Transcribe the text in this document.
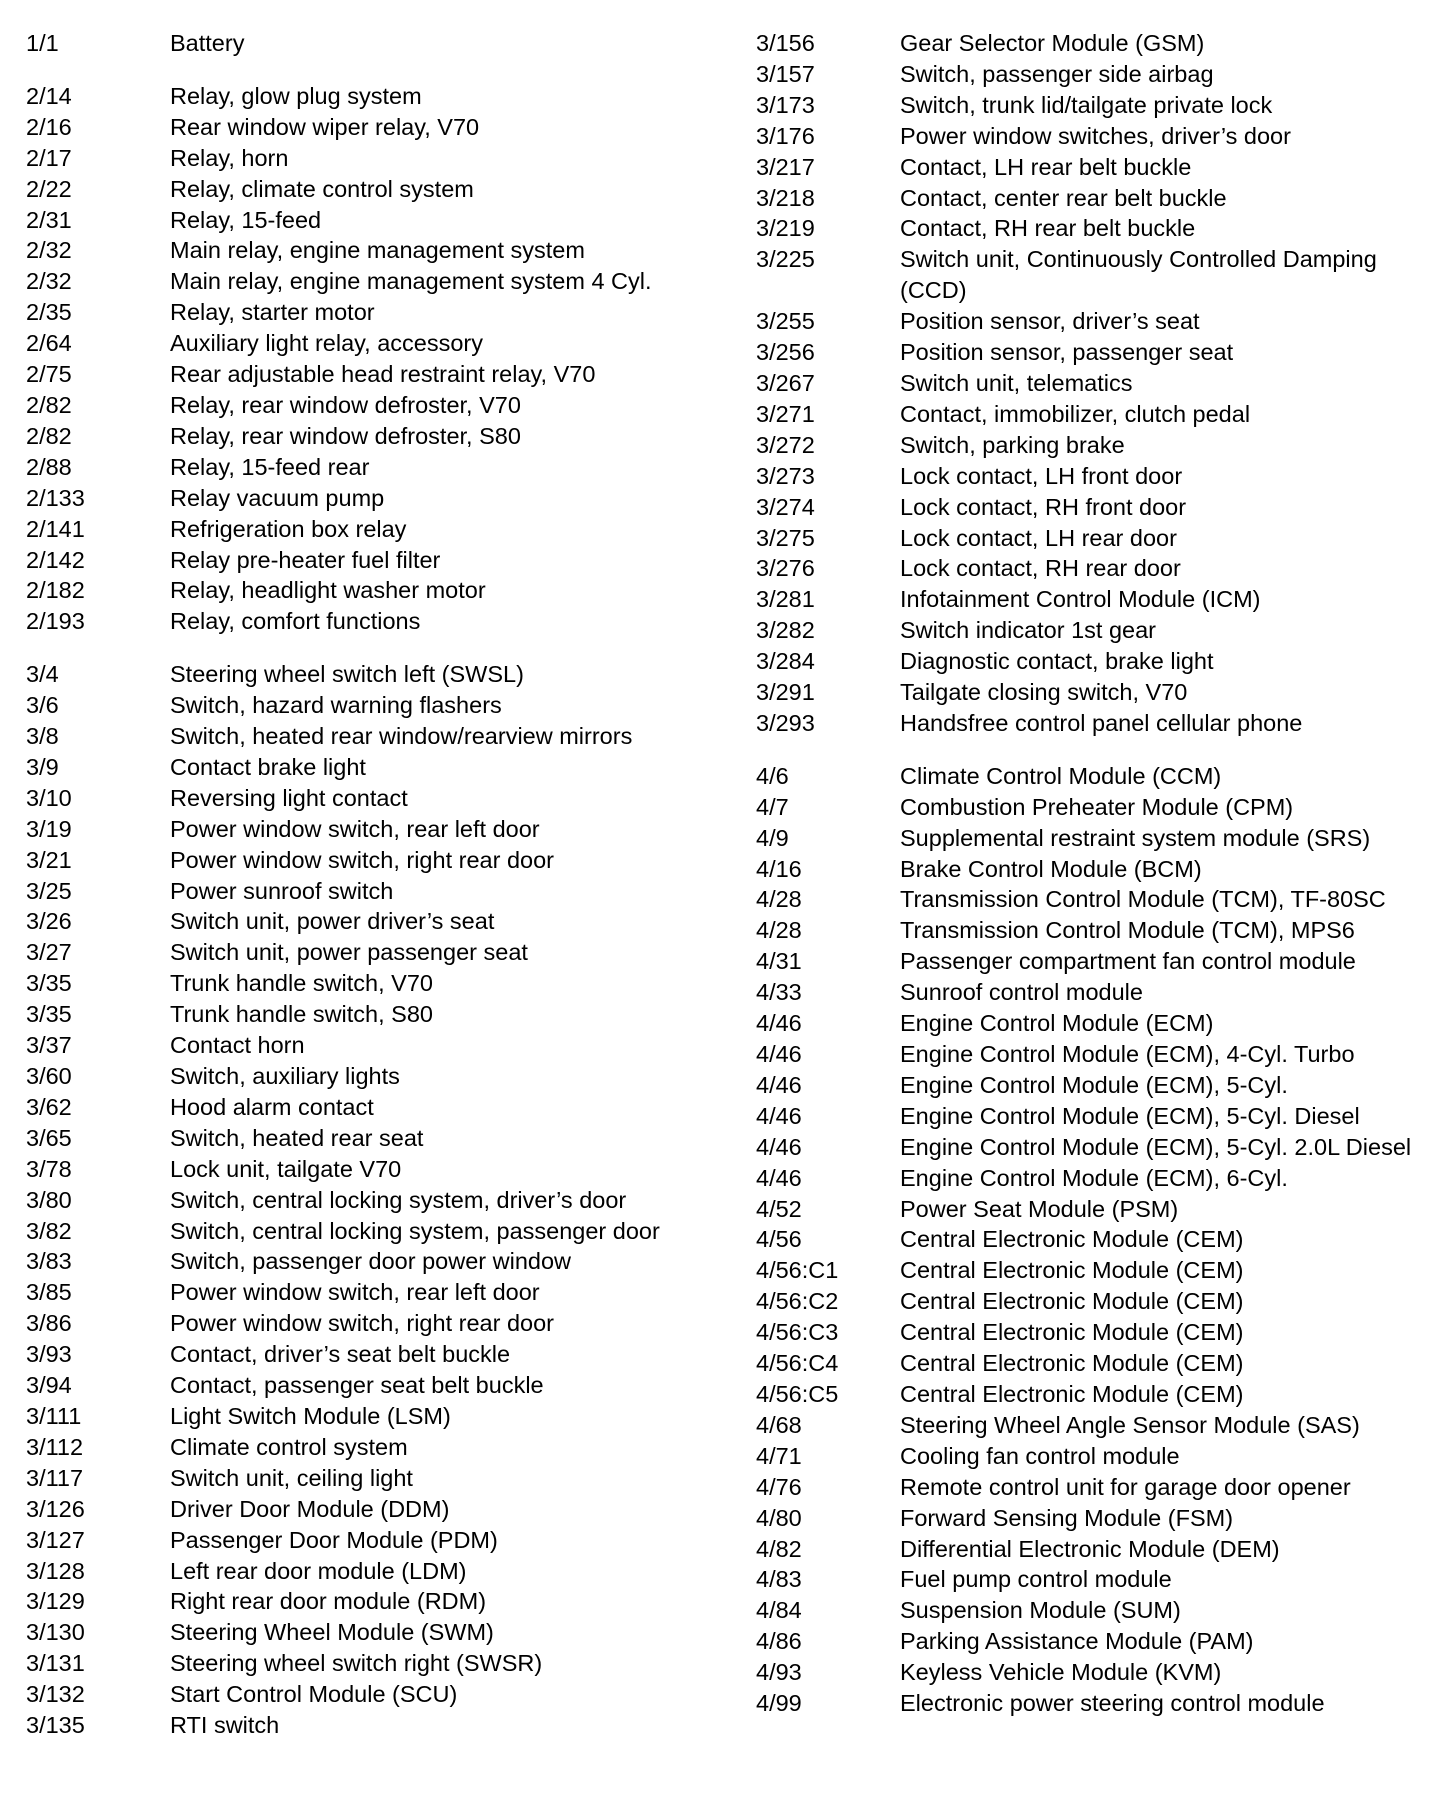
1/1	Battery
2/14	Relay, glow plug system
2/16	Rear window wiper relay, V70
2/17	Relay, horn
2/22	Relay, climate control system
2/31	Relay, 15-feed
2/32	Main relay, engine management system
2/32	Main relay, engine management system 4 Cyl.
2/35	Relay, starter motor
2/64	Auxiliary light relay, accessory
2/75	Rear adjustable head restraint relay, V70
2/82	Relay, rear window defroster, V70
2/82	Relay, rear window defroster, S80
2/88	Relay, 15-feed rear
2/133	Relay vacuum pump
2/141	Refrigeration box relay
2/142	Relay pre-heater fuel filter
2/182	Relay, headlight washer motor
2/193	Relay, comfort functions
3/4	Steering wheel switch left (SWSL)
3/6	Switch, hazard warning flashers
3/8	Switch, heated rear window/rearview mirrors
3/9	Contact brake light
3/10	Reversing light contact
3/19	Power window switch, rear left door
3/21	Power window switch, right rear door
3/25	Power sunroof switch
3/26	Switch unit, power driver’s seat
3/27	Switch unit, power passenger seat
3/35	Trunk handle switch, V70
3/35	Trunk handle switch, S80
3/37	Contact horn
3/60	Switch, auxiliary lights
3/62	Hood alarm contact
3/65	Switch, heated rear seat
3/78	Lock unit, tailgate V70
3/80	Switch, central locking system, driver’s door
3/82	Switch, central locking system, passenger door
3/83	Switch, passenger door power window
3/85	Power window switch, rear left door
3/86	Power window switch, right rear door
3/93	Contact, driver’s seat belt buckle
3/94	Contact, passenger seat belt buckle
3/111	Light Switch Module (LSM)
3/112	Climate control system
3/117	Switch unit, ceiling light
3/126	Driver Door Module (DDM)
3/127	Passenger Door Module (PDM)
3/128	Left rear door module (LDM)
3/129	Right rear door module (RDM)
3/130	Steering Wheel Module (SWM)
3/131	Steering wheel switch right (SWSR)
3/132	Start Control Module (SCU)
3/135	RTI switch
3/156	Gear Selector Module (GSM)
3/157	Switch, passenger side airbag
3/173	Switch, trunk lid/tailgate private lock
3/176	Power window switches, driver’s door
3/217	Contact, LH rear belt buckle
3/218	Contact, center rear belt buckle
3/219	Contact, RH rear belt buckle
3/225	Switch unit, Continuously Controlled Damping (CCD)
3/255	Position sensor, driver’s seat
3/256	Position sensor, passenger seat
3/267	Switch unit, telematics
3/271	Contact, immobilizer, clutch pedal
3/272	Switch, parking brake
3/273	Lock contact, LH front door
3/274	Lock contact, RH front door
3/275	Lock contact, LH rear door
3/276	Lock contact, RH rear door
3/281	Infotainment Control Module (ICM)
3/282	Switch indicator 1st gear
3/284	Diagnostic contact, brake light
3/291	Tailgate closing switch, V70
3/293	Handsfree control panel cellular phone
4/6	Climate Control Module (CCM)
4/7	Combustion Preheater Module (CPM)
4/9	Supplemental restraint system module (SRS)
4/16	Brake Control Module (BCM)
4/28	Transmission Control Module (TCM), TF-80SC
4/28	Transmission Control Module (TCM), MPS6
4/31	Passenger compartment fan control module
4/33	Sunroof control module
4/46	Engine Control Module (ECM)
4/46	Engine Control Module (ECM), 4-Cyl. Turbo
4/46	Engine Control Module (ECM), 5-Cyl.
4/46	Engine Control Module (ECM), 5-Cyl. Diesel
4/46	Engine Control Module (ECM), 5-Cyl. 2.0L Diesel
4/46	Engine Control Module (ECM), 6-Cyl.
4/52	Power Seat Module (PSM)
4/56	Central Electronic Module (CEM)
4/56:C1	Central Electronic Module (CEM)
4/56:C2	Central Electronic Module (CEM)
4/56:C3	Central Electronic Module (CEM)
4/56:C4	Central Electronic Module (CEM)
4/56:C5	Central Electronic Module (CEM)
4/68	Steering Wheel Angle Sensor Module (SAS)
4/71	Cooling fan control module
4/76	Remote control unit for garage door opener
4/80	Forward Sensing Module (FSM)
4/82	Differential Electronic Module (DEM)
4/83	Fuel pump control module
4/84	Suspension Module (SUM)
4/86	Parking Assistance Module (PAM)
4/93	Keyless Vehicle Module (KVM)
4/99	Electronic power steering control module
